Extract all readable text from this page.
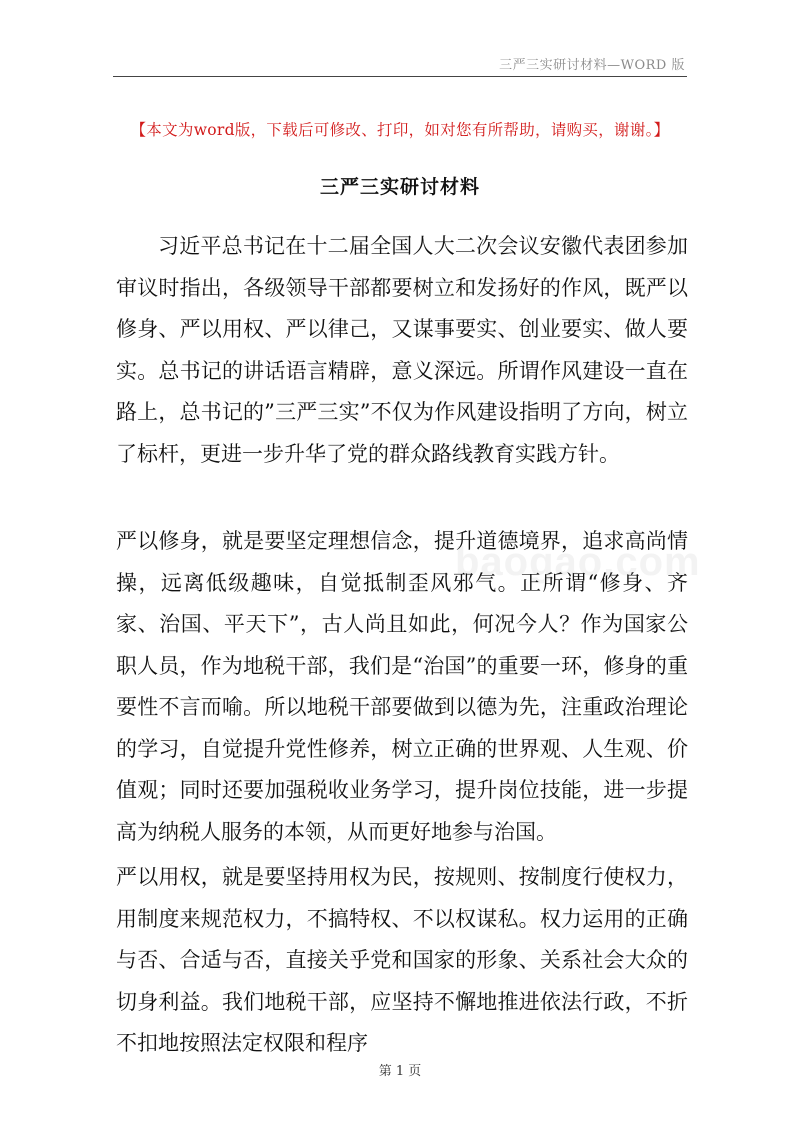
三严三实研讨材料—WORD 版
【本文为word版，下载后可修改、打印，如对您有所帮助，请购买，谢谢。】
三严三实研讨材料

习近平总书记在十二届全国人大二次会议安徽代表团参加审议时指出，各级领导干部都要树立和发扬好的作风，既严以修身、严以用权、严以律己，又谋事要实、创业要实、做人要实。总书记的讲话语言精辟，意义深远。所谓作风建设一直在路上，总书记的”三严三实”不仅为作风建设指明了方向，树立了标杆，更进一步升华了党的群众路线教育实践方针。

严以修身，就是要坚定理想信念，提升道德境界，追求高尚情操，远离低级趣味，自觉抵制歪风邪气。正所谓“修身、齐家、治国、平天下”，古人尚且如此，何况今人？作为国家公职人员，作为地税干部，我们是“治国”的重要一环，修身的重要性不言而喻。所以地税干部要做到以德为先，注重政治理论的学习，自觉提升党性修养，树立正确的世界观、人生观、价值观；同时还要加强税收业务学习，提升岗位技能，进一步提高为纳税人服务的本领，从而更好地参与治国。

严以用权，就是要坚持用权为民，按规则、按制度行使权力，用制度来规范权力，不搞特权、不以权谋私。权力运用的正确与否、合适与否，直接关乎党和国家的形象、关系社会大众的切身利益。我们地税干部，应坚持不懈地推进依法行政，不折不扣地按照法定权限和程序

baogao.com
第 1 页
